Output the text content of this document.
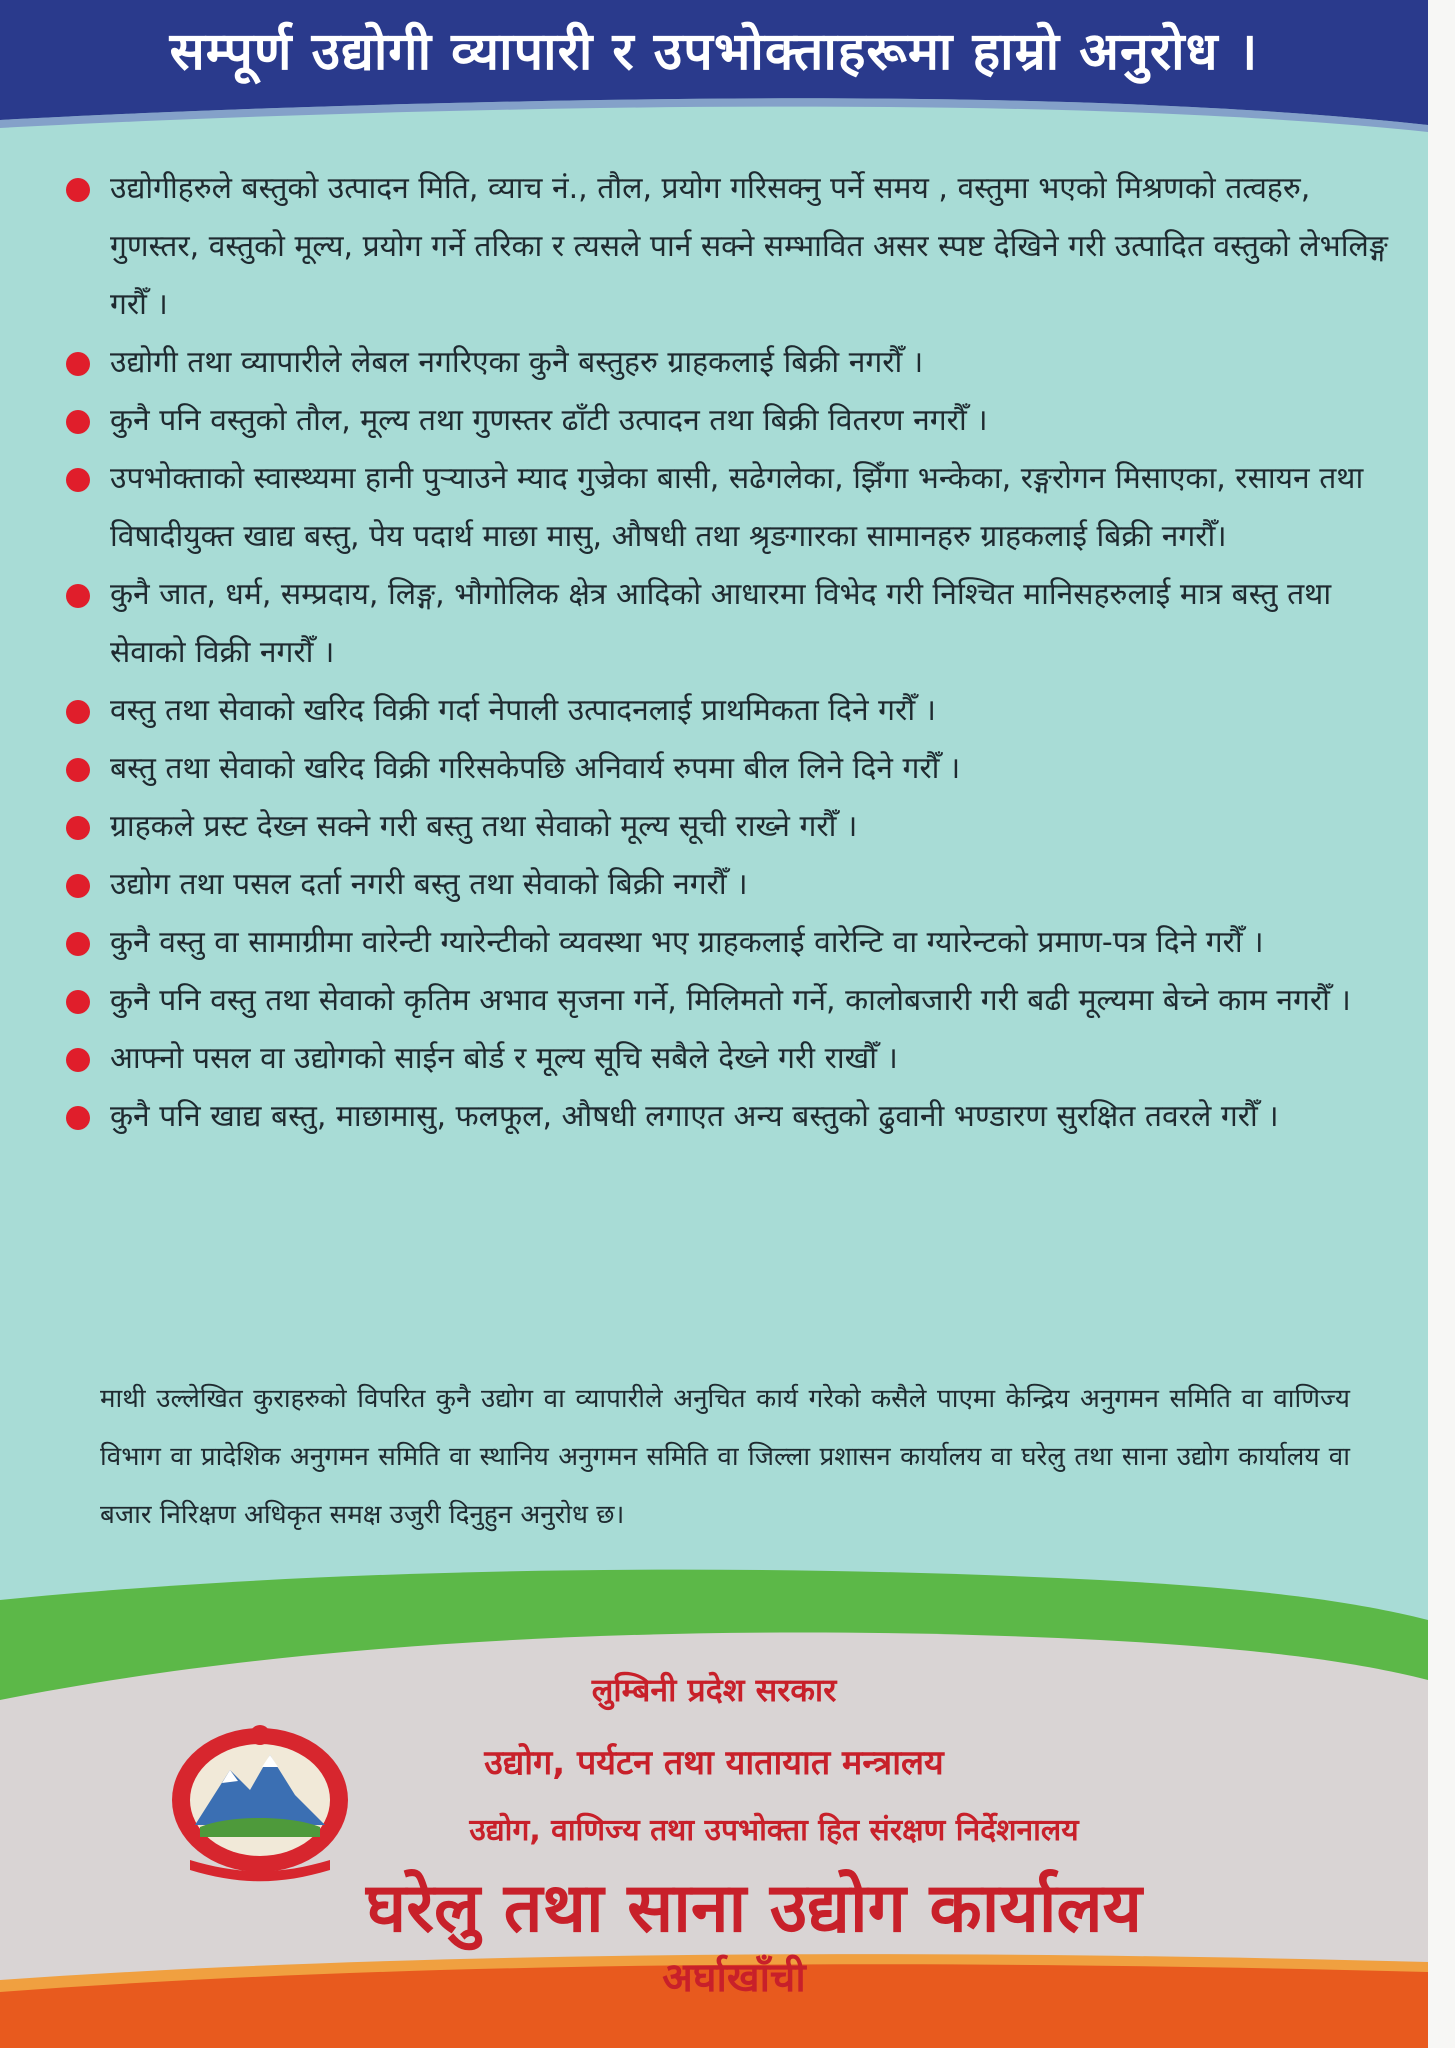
सम्पूर्ण उद्योगी व्यापारी र उपभोक्ताहरूमा हाम्रो अनुरोध ।
उद्योगीहरुले बस्तुको उत्पादन मिति, व्याच नं., तौल, प्रयोग गरिसक्नु पर्ने समय , वस्तुमा भएको मिश्रणको तत्वहरु, गुणस्तर, वस्तुको मूल्य, प्रयोग गर्ने तरिका र त्यसले पार्न सक्ने सम्भावित असर स्पष्ट देखिने गरी उत्पादित वस्तुको लेभलिङ्ग गरौँ ।
उद्योगी तथा व्यापारीले लेबल नगरिएका कुनै बस्तुहरु ग्राहकलाई बिक्री नगरौँ ।
कुनै पनि वस्तुको तौल, मूल्य तथा गुणस्तर ढाँटी उत्पादन तथा बिक्री वितरण नगरौँ ।
उपभोक्ताको स्वास्थ्यमा हानी पुऱ्याउने म्याद गुज्रेका बासी, सढेगलेका, झिँगा भन्केका, रङ्गरोगन मिसाएका, रसायन तथा विषादीयुक्त खाद्य बस्तु, पेय पदार्थ माछा मासु, औषधी तथा श्रृङगारका सामानहरु ग्राहकलाई बिक्री नगरौँ।
कुनै जात, धर्म, सम्प्रदाय, लिङ्ग, भौगोलिक क्षेत्र आदिको आधारमा विभेद गरी निश्चित मानिसहरुलाई मात्र बस्तु तथा सेवाको विक्री नगरौँ ।
वस्तु तथा सेवाको खरिद विक्री गर्दा नेपाली उत्पादनलाई प्राथमिकता दिने गरौँ ।
बस्तु तथा सेवाको खरिद विक्री गरिसकेपछि अनिवार्य रुपमा बील लिने दिने गरौँ ।
ग्राहकले प्रस्ट देख्न सक्ने गरी बस्तु तथा सेवाको मूल्य सूची राख्ने गरौँ ।
उद्योग तथा पसल दर्ता नगरी बस्तु तथा सेवाको बिक्री नगरौँ ।
कुनै वस्तु वा सामाग्रीमा वारेन्टी ग्यारेन्टीको व्यवस्था भए ग्राहकलाई वारेन्टि वा ग्यारेन्टको प्रमाण-पत्र दिने गरौँ ।
कुनै पनि वस्तु तथा सेवाको कृतिम अभाव सृजना गर्ने, मिलिमतो गर्ने, कालोबजारी गरी बढी मूल्यमा बेच्ने काम नगरौँ ।
आफ्नो पसल वा उद्योगको साईन बोर्ड र मूल्य सूचि सबैले देख्ने गरी राखौँ ।
कुनै पनि खाद्य बस्तु, माछामासु, फलफूल, औषधी लगाएत अन्य बस्तुको ढुवानी भण्डारण सुरक्षित तवरले गरौँ ।
माथी उल्लेखित कुराहरुको विपरित कुनै उद्योग वा व्यापारीले अनुचित कार्य गरेको कसैले पाएमा केन्द्रिय अनुगमन समिति वा वाणिज्य विभाग वा प्रादेशिक अनुगमन समिति वा स्थानिय अनुगमन समिति वा जिल्ला प्रशासन कार्यालय वा घरेलु तथा साना उद्योग कार्यालय वा बजार निरिक्षण अधिकृत समक्ष उजुरी दिनुहुन अनुरोध छ।
लुम्बिनी प्रदेश सरकार
उद्योग, पर्यटन तथा यातायात मन्त्रालय
उद्योग, वाणिज्य तथा उपभोक्ता हित संरक्षण निर्देशनालय
घरेलु तथा साना उद्योग कार्यालय
अर्घाखाँची
